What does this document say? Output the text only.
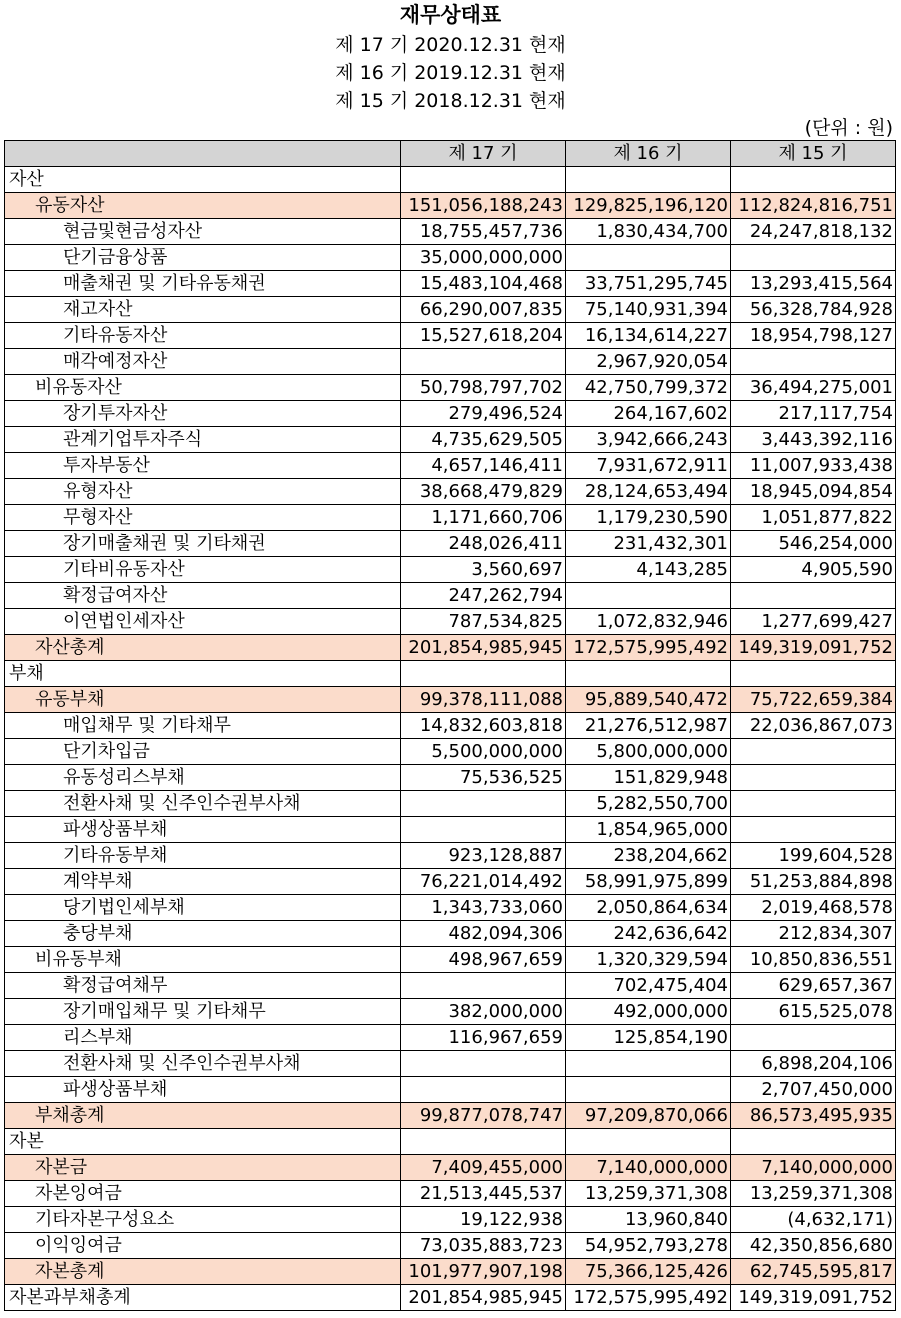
재무상태표
제 17 기 2020.12.31 현재
제 16 기 2019.12.31 현재
제 15 기 2018.12.31 현재
(단위 : 원)
	제 17 기	제 16 기	제 15 기
자산			
유동자산	151,056,188,243	129,825,196,120	112,824,816,751
현금및현금성자산	18,755,457,736	1,830,434,700	24,247,818,132
단기금융상품	35,000,000,000		
매출채권 및 기타유동채권	15,483,104,468	33,751,295,745	13,293,415,564
재고자산	66,290,007,835	75,140,931,394	56,328,784,928
기타유동자산	15,527,618,204	16,134,614,227	18,954,798,127
매각예정자산		2,967,920,054	
비유동자산	50,798,797,702	42,750,799,372	36,494,275,001
장기투자자산	279,496,524	264,167,602	217,117,754
관계기업투자주식	4,735,629,505	3,942,666,243	3,443,392,116
투자부동산	4,657,146,411	7,931,672,911	11,007,933,438
유형자산	38,668,479,829	28,124,653,494	18,945,094,854
무형자산	1,171,660,706	1,179,230,590	1,051,877,822
장기매출채권 및 기타채권	248,026,411	231,432,301	546,254,000
기타비유동자산	3,560,697	4,143,285	4,905,590
확정급여자산	247,262,794		
이연법인세자산	787,534,825	1,072,832,946	1,277,699,427
자산총계	201,854,985,945	172,575,995,492	149,319,091,752
부채			
유동부채	99,378,111,088	95,889,540,472	75,722,659,384
매입채무 및 기타채무	14,832,603,818	21,276,512,987	22,036,867,073
단기차입금	5,500,000,000	5,800,000,000	
유동성리스부채	75,536,525	151,829,948	
전환사채 및 신주인수권부사채		5,282,550,700	
파생상품부채		1,854,965,000	
기타유동부채	923,128,887	238,204,662	199,604,528
계약부채	76,221,014,492	58,991,975,899	51,253,884,898
당기법인세부채	1,343,733,060	2,050,864,634	2,019,468,578
충당부채	482,094,306	242,636,642	212,834,307
비유동부채	498,967,659	1,320,329,594	10,850,836,551
확정급여채무		702,475,404	629,657,367
장기매입채무 및 기타채무	382,000,000	492,000,000	615,525,078
리스부채	116,967,659	125,854,190	
전환사채 및 신주인수권부사채			6,898,204,106
파생상품부채			2,707,450,000
부채총계	99,877,078,747	97,209,870,066	86,573,495,935
자본			
자본금	7,409,455,000	7,140,000,000	7,140,000,000
자본잉여금	21,513,445,537	13,259,371,308	13,259,371,308
기타자본구성요소	19,122,938	13,960,840	(4,632,171)
이익잉여금	73,035,883,723	54,952,793,278	42,350,856,680
자본총계	101,977,907,198	75,366,125,426	62,745,595,817
자본과부채총계	201,854,985,945	172,575,995,492	149,319,091,752
